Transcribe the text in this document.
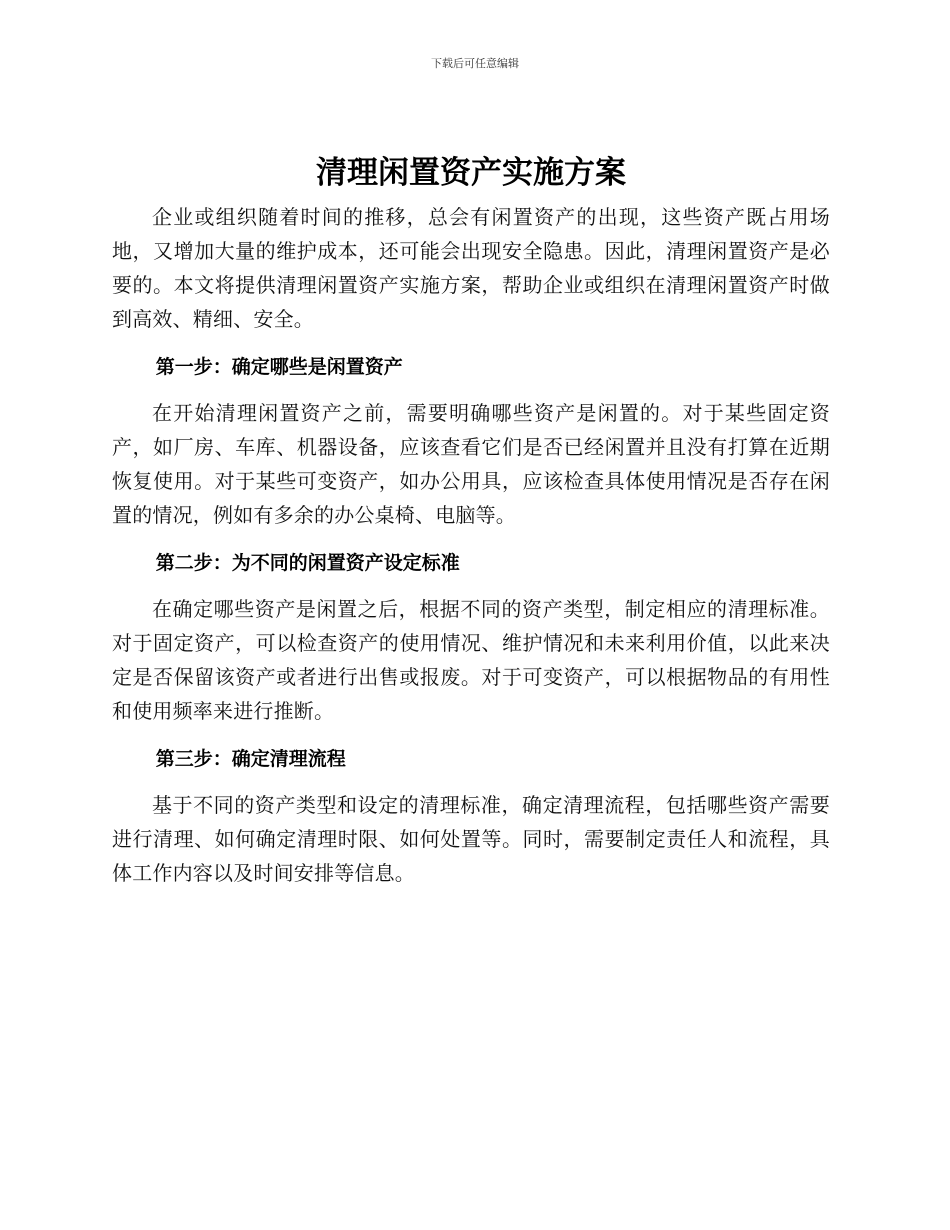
下载后可任意编辑
清理闲置资产实施方案

企业或组织随着时间的推移，总会有闲置资产的出现，这些资产既占用场地，又增加大量的维护成本，还可能会出现安全隐患。因此，清理闲置资产是必要的。本文将提供清理闲置资产实施方案，帮助企业或组织在清理闲置资产时做到高效、精细、安全。

第一步：确定哪些是闲置资产

在开始清理闲置资产之前，需要明确哪些资产是闲置的。对于某些固定资产，如厂房、车库、机器设备，应该查看它们是否已经闲置并且没有打算在近期恢复使用。对于某些可变资产，如办公用具，应该检查具体使用情况是否存在闲置的情况，例如有多余的办公桌椅、电脑等。

第二步：为不同的闲置资产设定标准

在确定哪些资产是闲置之后，根据不同的资产类型，制定相应的清理标准。对于固定资产，可以检查资产的使用情况、维护情况和未来利用价值，以此来决定是否保留该资产或者进行出售或报废。对于可变资产，可以根据物品的有用性和使用频率来进行推断。

第三步：确定清理流程

基于不同的资产类型和设定的清理标准，确定清理流程，包括哪些资产需要进行清理、如何确定清理时限、如何处置等。同时，需要制定责任人和流程，具体工作内容以及时间安排等信息。
